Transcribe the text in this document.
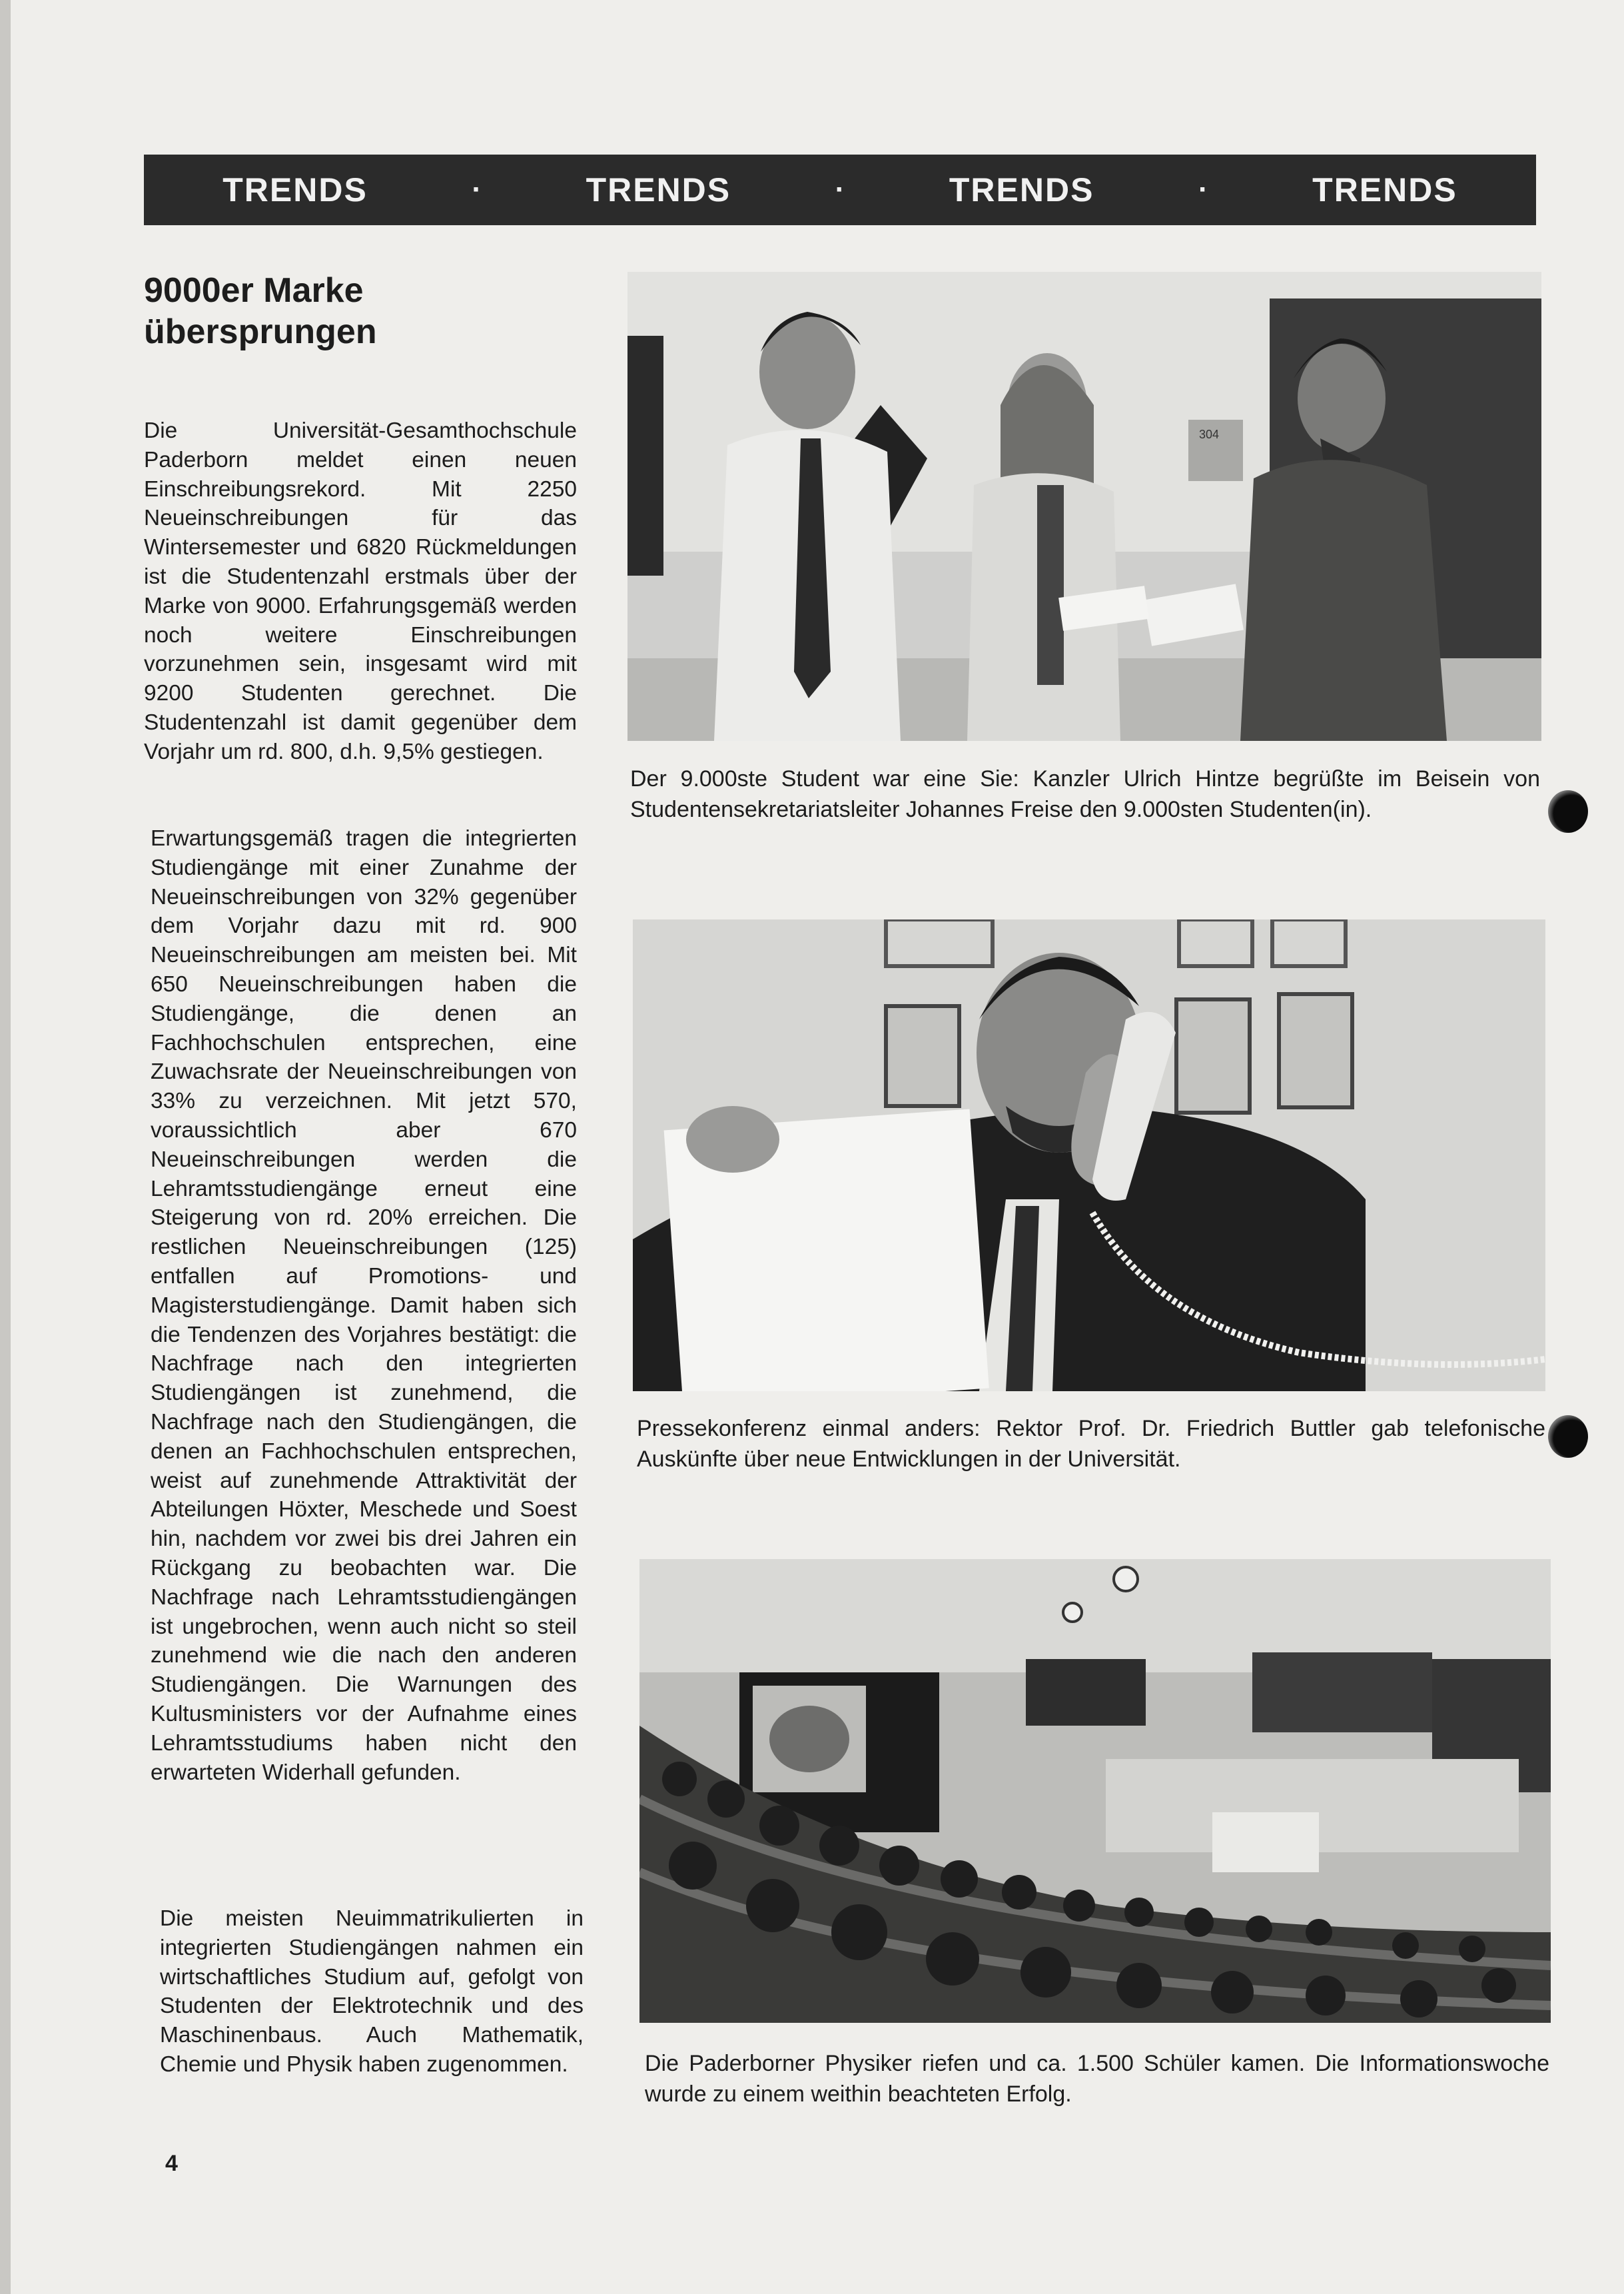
TRENDS	·	TRENDS	·	TRENDS	·	TRENDS
9000er Marke
übersprungen

Die Universität-Gesamthochschule Paderborn meldet einen neuen Einschreibungsrekord. Mit 2250 Neueinschreibungen für das Wintersemester und 6820 Rückmeldungen ist die Studentenzahl erstmals über der Marke von 9000. Erfahrungsgemäß werden noch weitere Einschreibungen vorzunehmen sein, insgesamt wird mit 9200 Studenten gerechnet. Die Studentenzahl ist damit gegenüber dem Vorjahr um rd. 800, d.h. 9,5% gestiegen.

Erwartungsgemäß tragen die integrierten Studiengänge mit einer Zunahme der Neueinschreibungen von 32% gegenüber dem Vorjahr dazu mit rd. 900 Neueinschreibungen am meisten bei. Mit 650 Neueinschreibungen haben die Studiengänge, die denen an Fachhochschulen entsprechen, eine Zuwachsrate der Neueinschreibungen von 33% zu verzeichnen. Mit jetzt 570, voraussichtlich aber 670 Neueinschreibungen werden die Lehramtsstudiengänge erneut eine Steigerung von rd. 20% erreichen. Die restlichen Neueinschreibungen (125) entfallen auf Promotions- und Magisterstudiengänge. Damit haben sich die Tendenzen des Vorjahres bestätigt: die Nachfrage nach den integrierten Studiengängen ist zunehmend, die Nachfrage nach den Studiengängen, die denen an Fachhochschulen entsprechen, weist auf zunehmende Attraktivität der Abteilungen Höxter, Meschede und Soest hin, nachdem vor zwei bis drei Jahren ein Rückgang zu beobachten war. Die Nachfrage nach Lehramtsstudiengängen ist ungebrochen, wenn auch nicht so steil zunehmend wie die nach den anderen Studiengängen. Die Warnungen des Kultusministers vor der Aufnahme eines Lehramtsstudiums haben nicht den erwarteten Widerhall gefunden.

Die meisten Neuimmatrikulierten in integrierten Studiengängen nahmen ein wirtschaftliches Studium auf, gefolgt von Studenten der Elektrotechnik und des Maschinenbaus. Auch Mathematik, Chemie und Physik haben zugenommen.

304
Der 9.000ste Student war eine Sie: Kanzler Ulrich Hintze begrüßte im Beisein von Studentensekretariatsleiter Johannes Freise den 9.000sten Studenten(in).
Pressekonferenz einmal anders: Rektor Prof. Dr. Friedrich Buttler gab telefonische Auskünfte über neue Entwicklungen in der Universität.
Die Paderborner Physiker riefen und ca. 1.500 Schüler kamen. Die Informationswoche wurde zu einem weithin beachteten Erfolg.
4
